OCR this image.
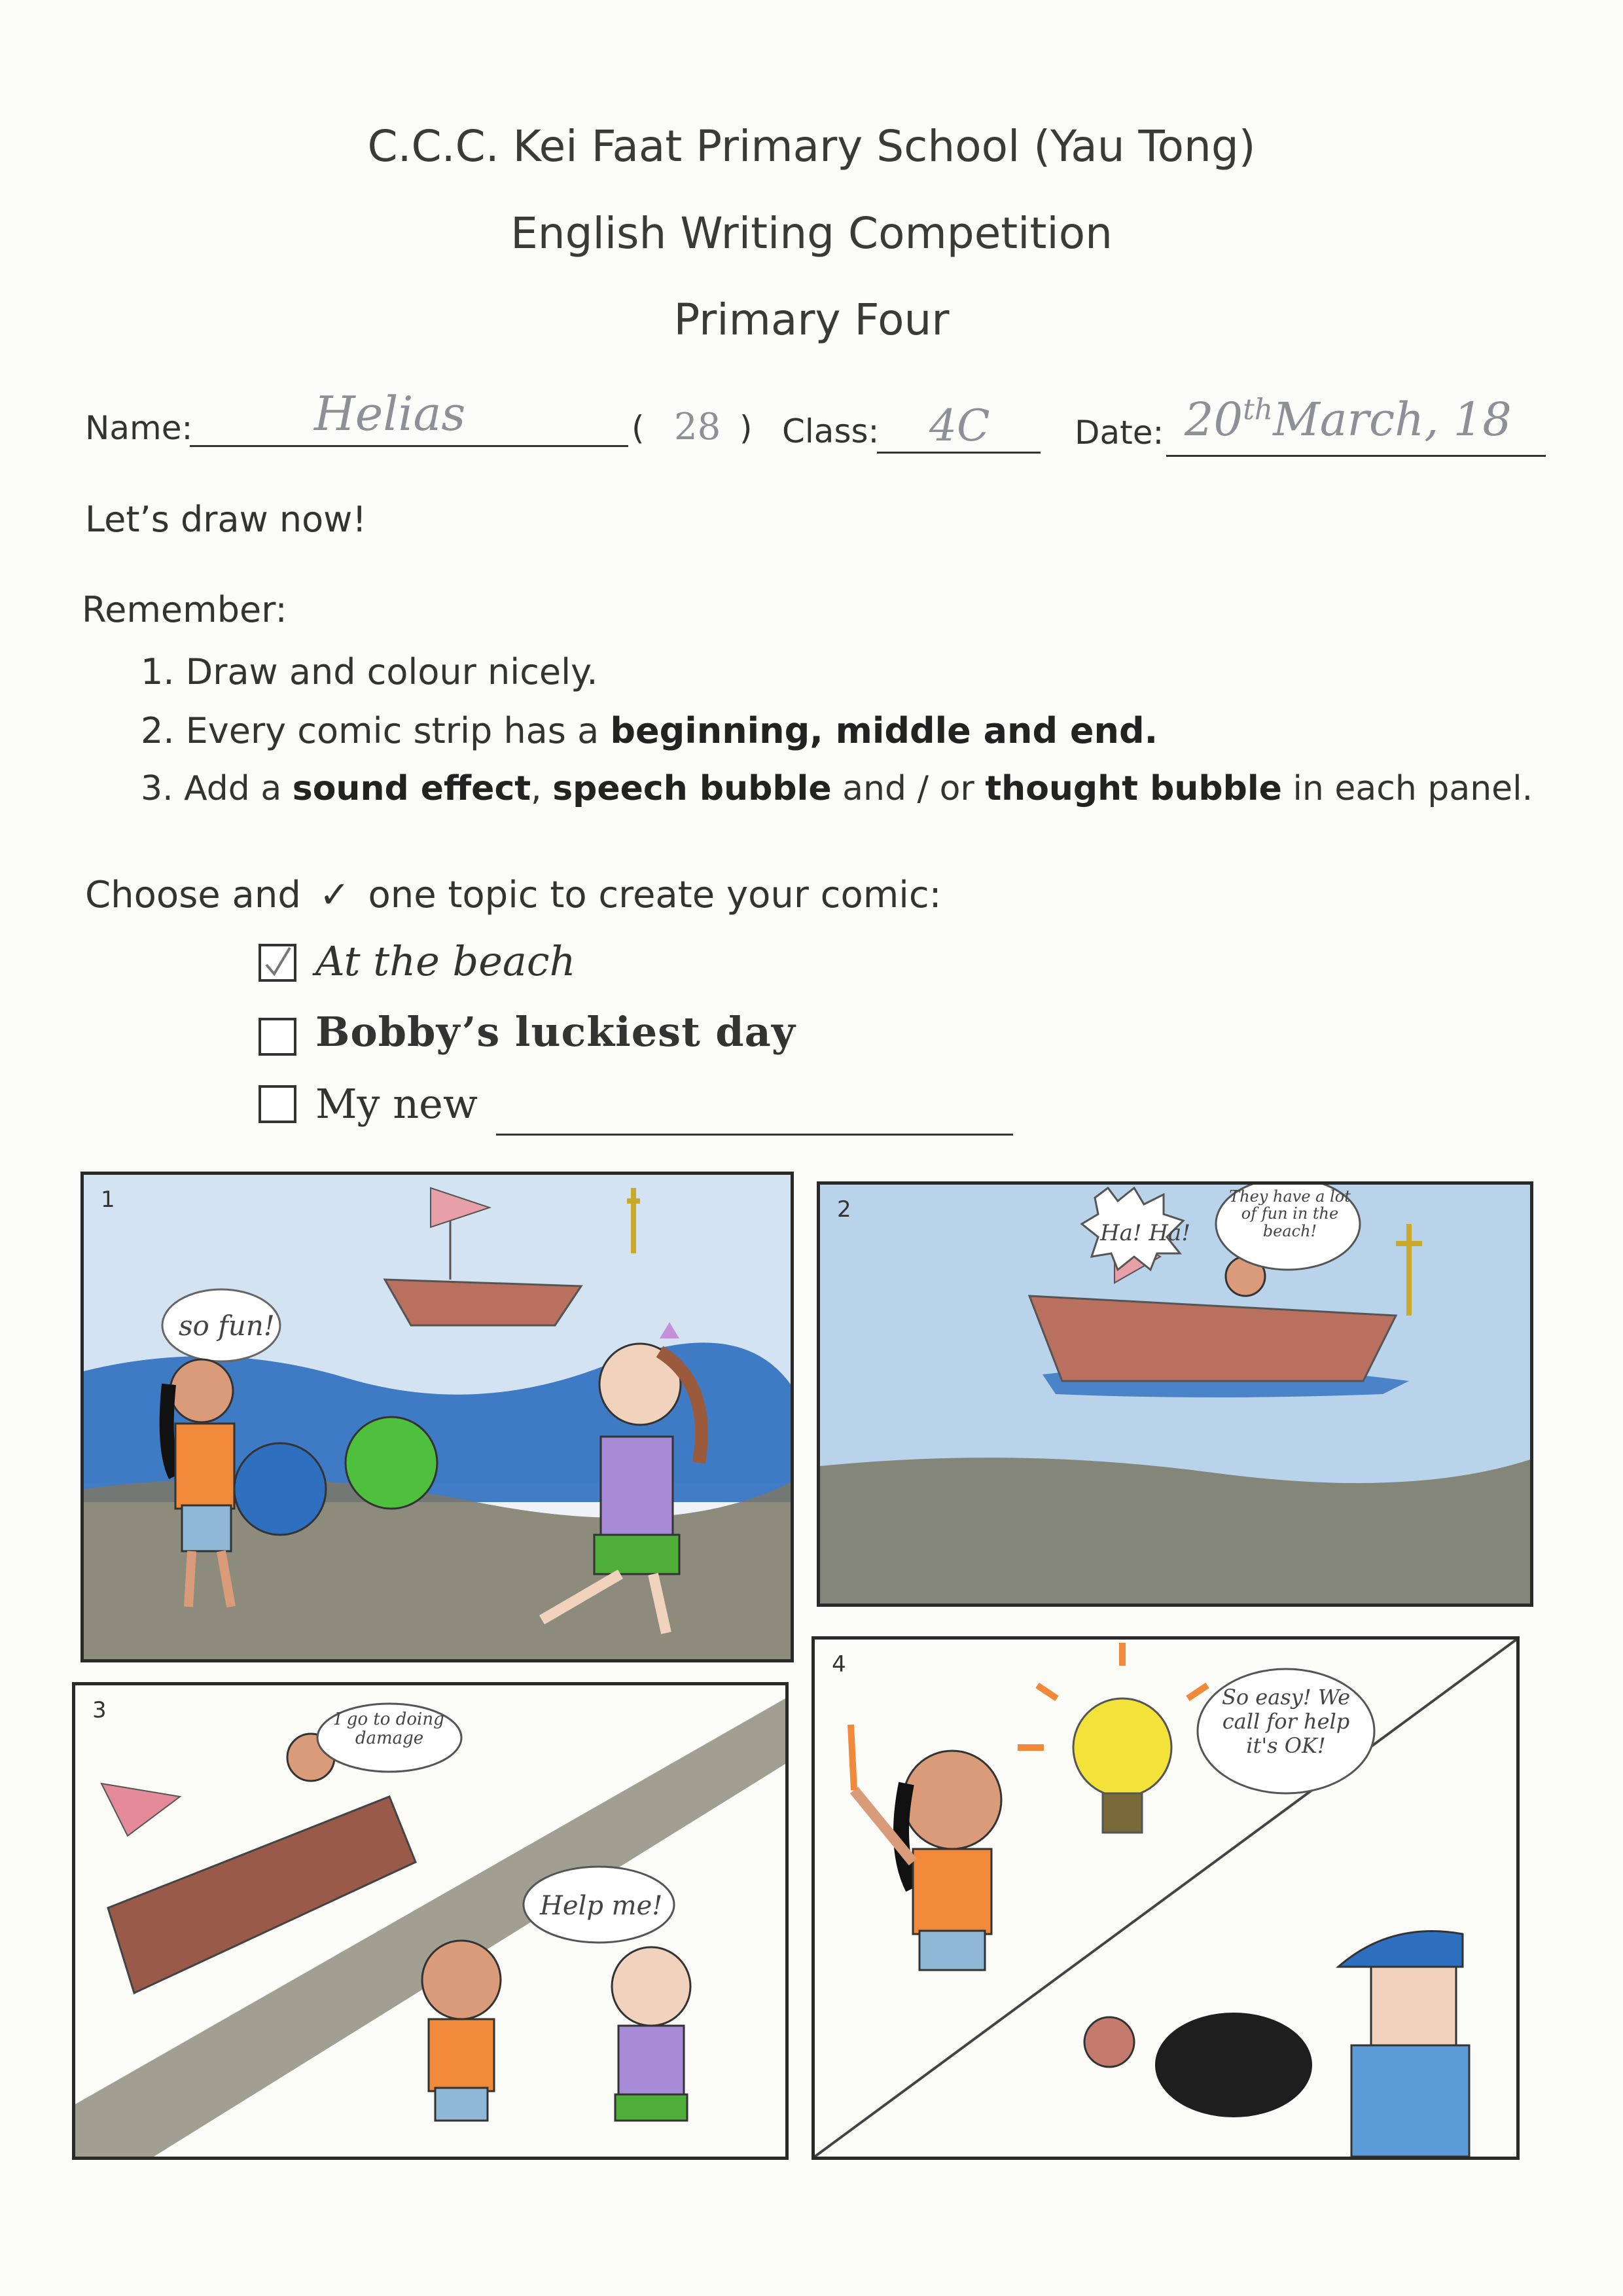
C.C.C. Kei Faat Primary School (Yau Tong)
English Writing Competition
Primary Four
Name:	Helias	( 28 ) Class: 4C	Date: 20thMarch, 18
Let’s draw now!
Remember:
1. Draw and colour nicely.
2. Every comic strip has a beginning, middle and end.
3. Add a sound effect, speech bubble and / or thought bubble in each panel.
Choose and ✓ one topic to create your comic:
At the beach
Bobby’s luckiest day
My new
so fun!
1
Ha! Ha!
They have a lot of fun in the beach!
2
I go to doing damage
Help me!
3	So easy! We call for help it's OK!
4
